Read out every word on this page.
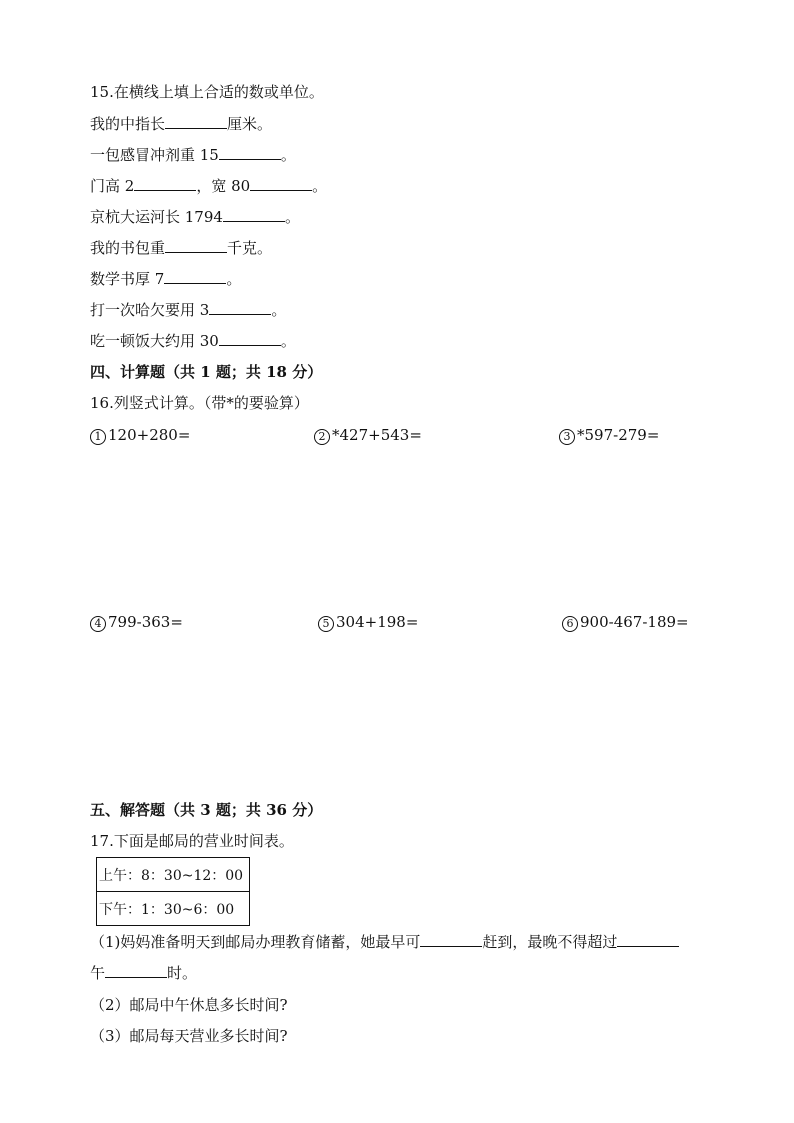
15.在横线上填上合适的数或单位。
我的中指长	厘米。
一包感冒冲剂重 15	。
门高 2	，宽 80	。
京杭大运河长 1794	。
我的书包重	千克。
数学书厚 7	。
打一次哈欠要用 3	。
吃一顿饭大约用 30	。
四、计算题（共 1 题；共 18 分）
16.列竖式计算。（带*的要验算）
1 120+280=	2 *427+543=	3 *597-279=
4 799-363=	5 304+198=	6 900-467-189=
五、解答题（共 3 题；共 36 分）
17.下面是邮局的营业时间表。
上午：8：30~12：00
下午：1：30~6：00
（1)妈妈准备明天到邮局办理教育储蓄，她最早可	赶到，最晚不得超过
午	时。
（2）邮局中午休息多长时间?
（3）邮局每天营业多长时间?
